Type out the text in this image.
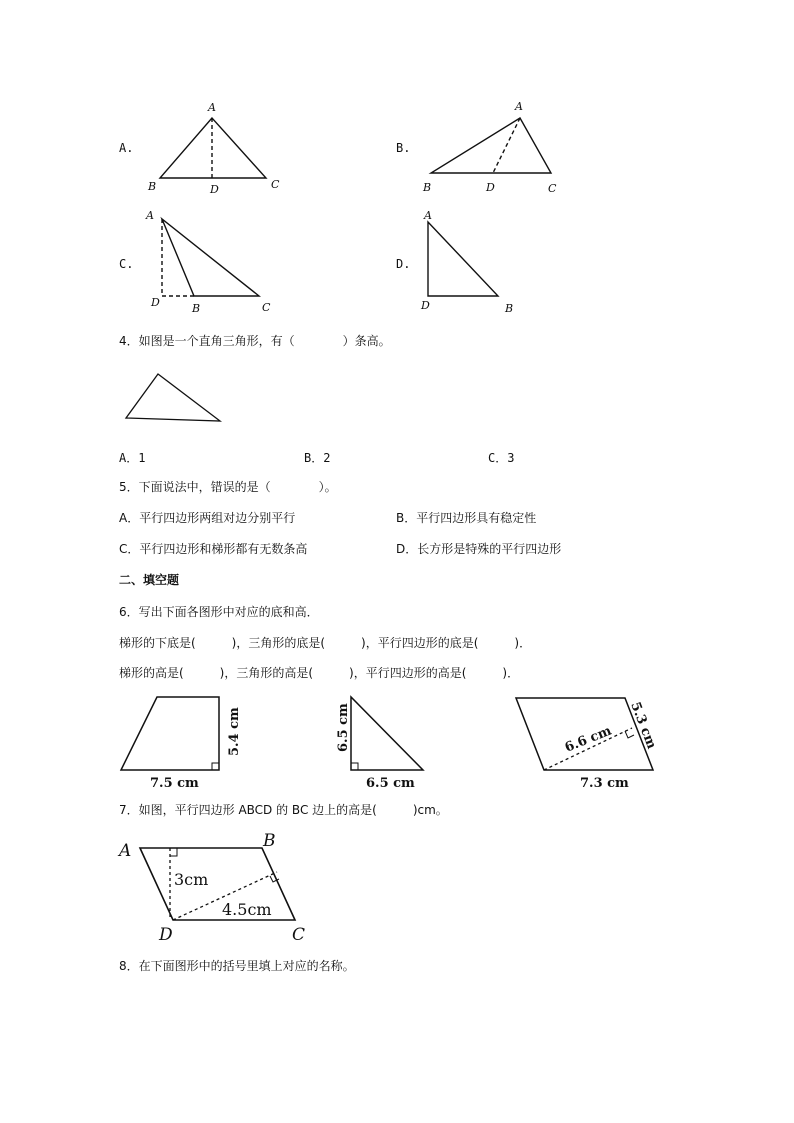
A.
A
B	C
D
B.
A
B	C
D
C.
A
B	C
D
D.
A
B
D
4．如图是一个直角三角形，有（　　　　）条高。
A．1	B．2	C．3
5．下面说法中，错误的是（　　　　）。
A．平行四边形两组对边分别平行	B．平行四边形具有稳定性
C．平行四边形和梯形都有无数条高	D．长方形是特殊的平行四边形
二、填空题
6．写出下面各图形中对应的底和高．
梯形的下底是(　　　)，三角形的底是(　　　)，平行四边形的底是(　　　)．
梯形的高是(　　　)，三角形的高是(　　　)，平行四边形的高是(　　　)．
5.4 cm
7.5 cm
6.5 cm
6.5 cm
6.6 cm 5.3 cm
7.3 cm
7．如图，平行四边形 ABCD 的 BC 边上的高是(　　　)cm。
A	B
C
D
3cm
4.5cm
8．在下面图形中的括号里填上对应的名称。
